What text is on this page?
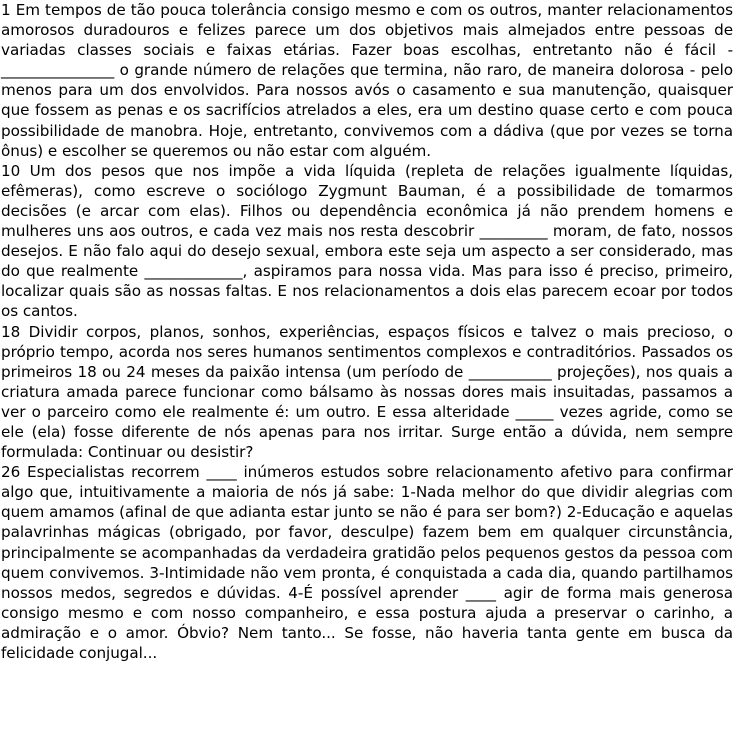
1 Em tempos de tão pouca tolerância consigo mesmo e com os outros, manter relacionamentos amorosos duradouros e felizes parece um dos objetivos mais almejados entre pessoas de variadas classes sociais e faixas etárias. Fazer boas escolhas, entretanto não é fácil - _______________ o grande número de relações que termina, não raro, de maneira dolorosa - pelo menos para um dos envolvidos. Para nossos avós o casamento e sua manutenção, quaisquer que fossem as penas e os sacrifícios atrelados a eles, era um destino quase certo e com pouca possibilidade de manobra. Hoje, entretanto, convivemos com a dádiva (que por vezes se torna ônus) e escolher se queremos ou não estar com alguém.

10 Um dos pesos que nos impõe a vida líquida (repleta de relações igualmente líquidas, efêmeras), como escreve o sociólogo Zygmunt Bauman, é a possibilidade de tomarmos decisões (e arcar com elas). Filhos ou dependência econômica já não prendem homens e mulheres uns aos outros, e cada vez mais nos resta descobrir _________ moram, de fato, nossos desejos. E não falo aqui do desejo sexual, embora este seja um aspecto a ser considerado, mas do que realmente _____________, aspiramos para nossa vida. Mas para isso é preciso, primeiro, localizar quais são as nossas faltas. E nos relacionamentos a dois elas parecem ecoar por todos os cantos.

18 Dividir corpos, planos, sonhos, experiências, espaços físicos e talvez o mais precioso, o próprio tempo, acorda nos seres humanos sentimentos complexos e contraditórios. Passados os primeiros 18 ou 24 meses da paixão intensa (um período de ___________ projeções), nos quais a criatura amada parece funcionar como bálsamo às nossas dores mais insuitadas, passamos a ver o parceiro como ele realmente é: um outro. E essa alteridade _____ vezes agride, como se ele (ela) fosse diferente de nós apenas para nos irritar. Surge então a dúvida, nem sempre formulada: Continuar ou desistir?

26 Especialistas recorrem ____ inúmeros estudos sobre relacionamento afetivo para confirmar algo que, intuitivamente a maioria de nós já sabe: 1-Nada melhor do que dividir alegrias com quem amamos (afinal de que adianta estar junto se não é para ser bom?) 2-Educação e aquelas palavrinhas mágicas (obrigado, por favor, desculpe) fazem bem em qualquer circunstância, principalmente se acompanhadas da verdadeira gratidão pelos pequenos gestos da pessoa com quem convivemos. 3-Intimidade não vem pronta, é conquistada a cada dia, quando partilhamos nossos medos, segredos e dúvidas. 4-É possível aprender ____ agir de forma mais generosa consigo mesmo e com nosso companheiro, e essa postura ajuda a preservar o carinho, a admiração e o amor. Óbvio? Nem tanto... Se fosse, não haveria tanta gente em busca da felicidade conjugal...
